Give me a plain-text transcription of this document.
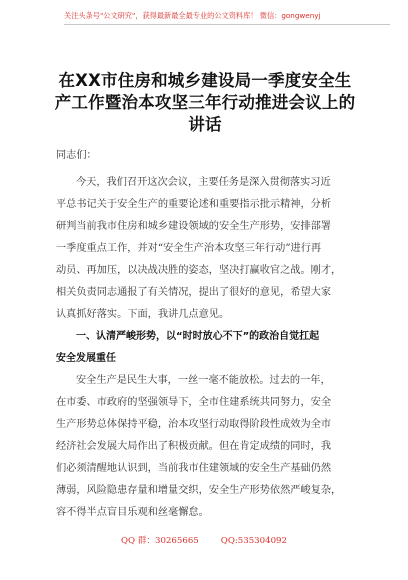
关注头条号"公文研究"，获得最新最全最专业的公文资料库！ 微信：gongwenyj
在XX市住房和城乡建设局一季度安全生
产工作暨治本攻坚三年行动推进会议上的
讲话
同志们：
今天，我们召开这次会议，主要任务是深入贯彻落实习近
平总书记关于安全生产的重要论述和重要指示批示精神，分析
研判当前我市住房和城乡建设领域的安全生产形势，安排部署
一季度重点工作，并对“安全生产治本攻坚三年行动”进行再
动员、再加压，以决战决胜的姿态，坚决打赢收官之战。刚才，
相关负责同志通报了有关情况，提出了很好的意见，希望大家
认真抓好落实。下面，我讲几点意见。
一、认清严峻形势，以“时时放心不下”的政治自觉扛起
安全发展重任
安全生产是民生大事，一丝一毫不能放松。过去的一年，
在市委、市政府的坚强领导下，全市住建系统共同努力，安全
生产形势总体保持平稳，治本攻坚行动取得阶段性成效为全市
经济社会发展大局作出了积极贡献。但在肯定成绩的同时，我
们必须清醒地认识到，当前我市住建领域的安全生产基础仍然
薄弱，风险隐患存量和增量交织，安全生产形势依然严峻复杂，
容不得半点盲目乐观和丝毫懈怠。
QQ 群：30265665	QQ:535304092
